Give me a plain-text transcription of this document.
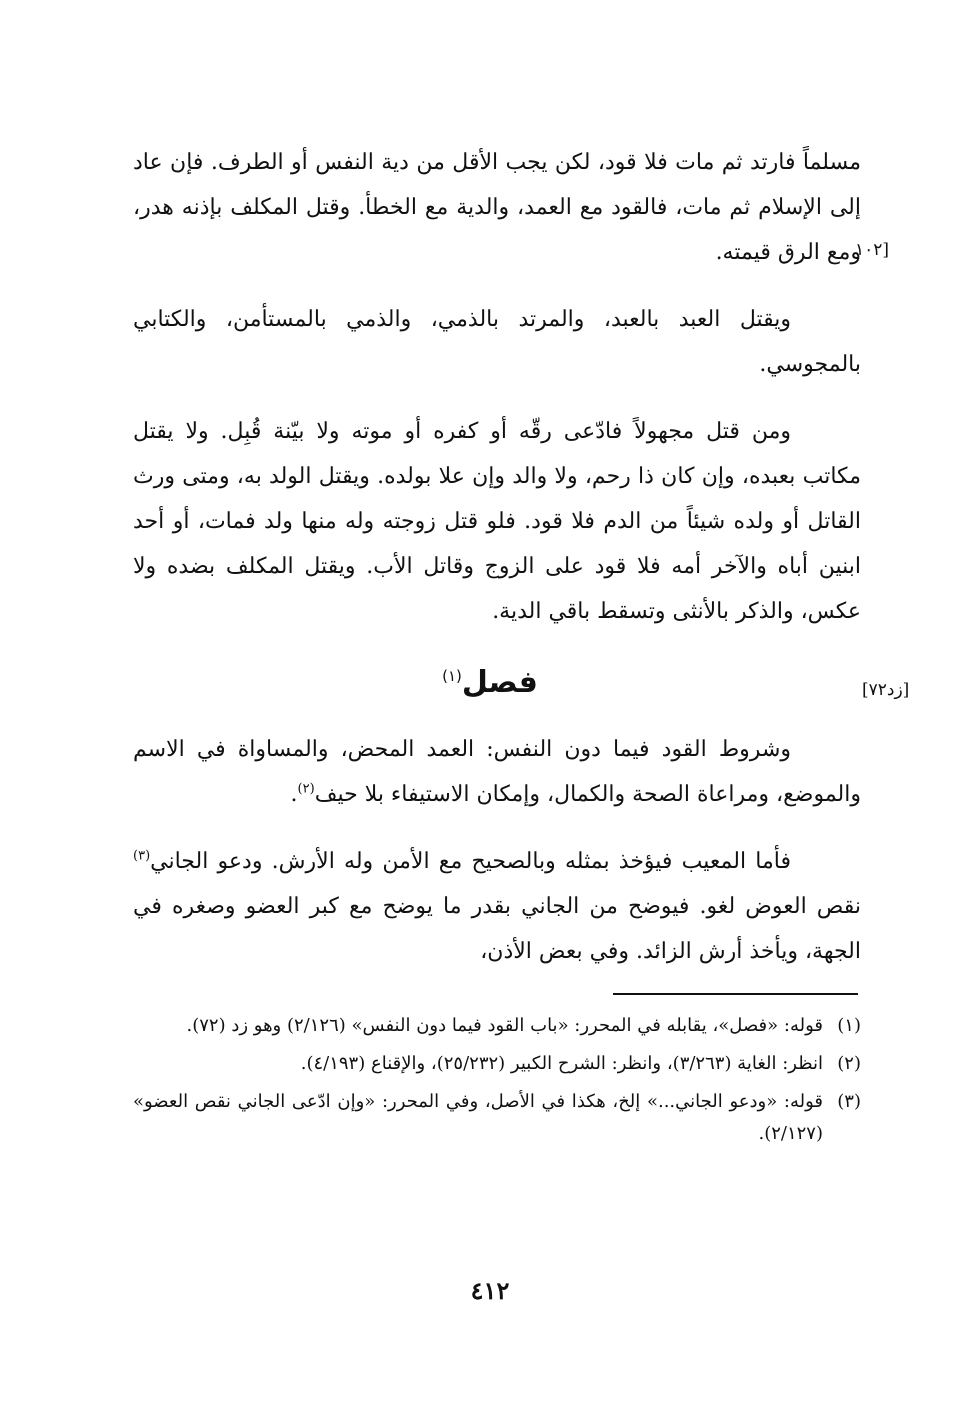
[١٠٢

مسلماً فارتد ثم مات فلا قود، لكن يجب الأقل من دية النفس أو الطرف. فإن عاد إلى الإسلام ثم مات، فالقود مع العمد، والدية مع الخطأ. وقتل المكلف بإذنه هدر، ومع الرق قيمته.

ويقتل العبد بالعبد، والمرتد بالذمي، والذمي بالمستأمن، والكتابي بالمجوسي.

ومن قتل مجهولاً فادّعى رقّه أو كفره أو موته ولا بيّنة قُبِل. ولا يقتل مكاتب بعبده، وإن كان ذا رحم، ولا والد وإن علا بولده. ويقتل الولد به، ومتى ورث القاتل أو ولده شيئاً من الدم فلا قود. فلو قتل زوجته وله منها ولد فمات، أو أحد ابنين أباه والآخر أمه فلا قود على الزوج وقاتل الأب. ويقتل المكلف بضده ولا عكس، والذكر بالأنثى وتسقط باقي الدية.

[زد٧٢]
فصل$^{(١)}$

وشروط القود فيما دون النفس: العمد المحض، والمساواة في الاسم والموضع، ومراعاة الصحة والكمال، وإمكان الاستيفاء بلا حيف$^{(٢)}$.

فأما المعيب فيؤخذ بمثله وبالصحيح مع الأمن وله الأرش. ودعو الجاني$^{(٣)}$ نقص العوض لغو. فيوضح من الجاني بقدر ما يوضح مع كبر العضو وصغره في الجهة، ويأخذ أرش الزائد. وفي بعض الأذن،

(١)
قوله: «فصل»، يقابله في المحرر: «باب القود فيما دون النفس» (٢/١٢٦) وهو زد (٧٢).
(٢)
انظر: الغاية (٣/٢٦٣)، وانظر: الشرح الكبير (٢٥/٢٣٢)، والإقناع (٤/١٩٣).
(٣)
قوله: «ودعو الجاني...» إلخ، هكذا في الأصل، وفي المحرر: «وإن ادّعى الجاني نقص العضو» (٢/١٢٧).
٤١٢
